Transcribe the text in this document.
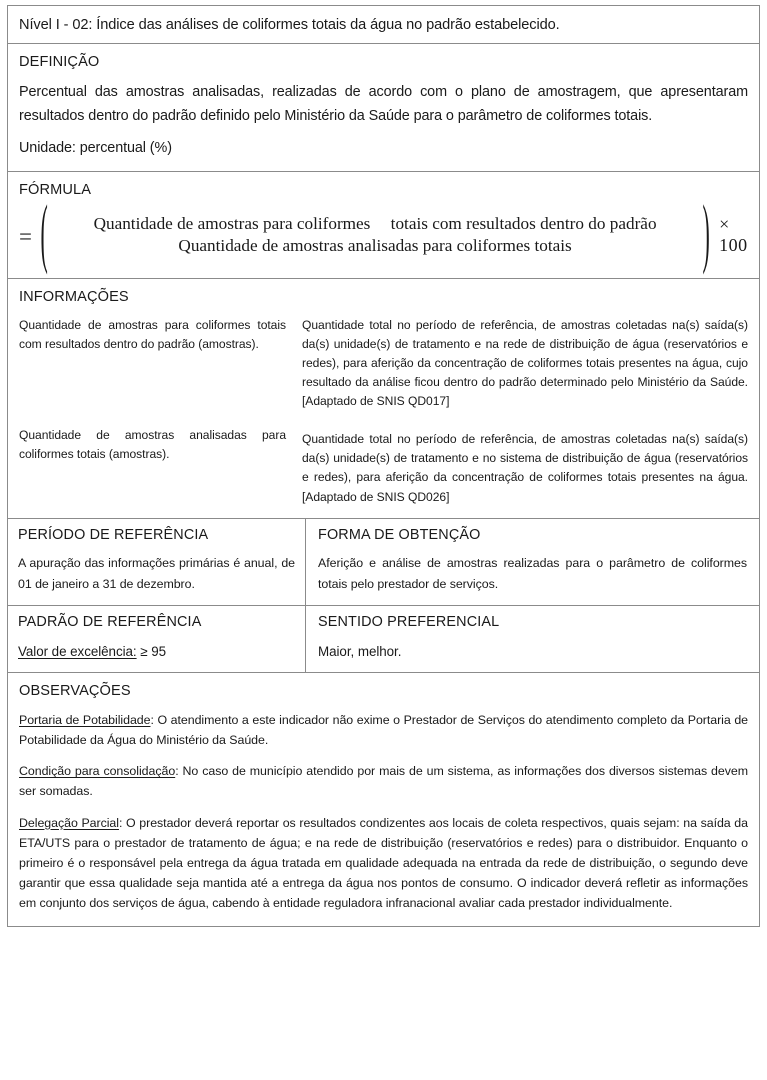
Nível I - 02: Índice das análises de coliformes totais da água no padrão estabelecido.
DEFINIÇÃO
Percentual das amostras analisadas, realizadas de acordo com o plano de amostragem, que apresentaram resultados dentro do padrão definido pelo Ministério da Saúde para o parâmetro de coliformes totais.
Unidade: percentual (%)
FÓRMULA
= (	Quantidade de amostras para coliformes totais com resultados dentro do padrão Quantidade de amostras analisadas para coliformes totais	) × 100
INFORMAÇÕES
Quantidade de amostras para coliformes totais com resultados dentro do padrão (amostras).
Quantidade de amostras analisadas para coliformes totais (amostras).
Quantidade total no período de referência, de amostras coletadas na(s) saída(s) da(s) unidade(s) de tratamento e na rede de distribuição de água (reservatórios e redes), para aferição da concentração de coliformes totais presentes na água, cujo resultado da análise ficou dentro do padrão determinado pelo Ministério da Saúde. [Adaptado de SNIS QD017]
Quantidade total no período de referência, de amostras coletadas na(s) saída(s) da(s) unidade(s) de tratamento e no sistema de distribuição de água (reservatórios e redes), para aferição da concentração de coliformes totais presentes na água. [Adaptado de SNIS QD026]
PERÍODO DE REFERÊNCIA
A apuração das informações primárias é anual, de 01 de janeiro a 31 de dezembro.
FORMA DE OBTENÇÃO
Aferição e análise de amostras realizadas para o parâmetro de coliformes totais pelo prestador de serviços.
PADRÃO DE REFERÊNCIA
Valor de excelência: ≥ 95
SENTIDO PREFERENCIAL
Maior, melhor.
OBSERVAÇÕES
Portaria de Potabilidade: O atendimento a este indicador não exime o Prestador de Serviços do atendimento completo da Portaria de Potabilidade da Água do Ministério da Saúde.
Condição para consolidação: No caso de município atendido por mais de um sistema, as informações dos diversos sistemas devem ser somadas.
Delegação Parcial: O prestador deverá reportar os resultados condizentes aos locais de coleta respectivos, quais sejam: na saída da ETA/UTS para o prestador de tratamento de água; e na rede de distribuição (reservatórios e redes) para o distribuidor. Enquanto o primeiro é o responsável pela entrega da água tratada em qualidade adequada na entrada da rede de distribuição, o segundo deve garantir que essa qualidade seja mantida até a entrega da água nos pontos de consumo. O indicador deverá refletir as informações em conjunto dos serviços de água, cabendo à entidade reguladora infranacional avaliar cada prestador individualmente.
